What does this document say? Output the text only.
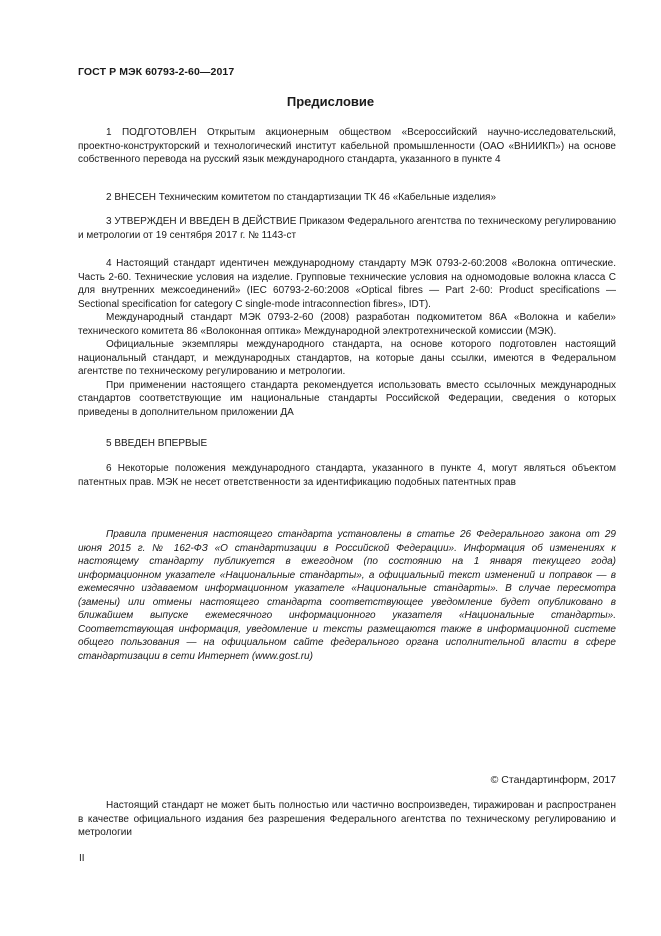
ГОСТ Р МЭК 60793-2-60—2017
Предисловие

1 ПОДГОТОВЛЕН Открытым акционерным обществом «Всероссийский научно-исследовательский, проектно-конструкторский и технологический институт кабельной промышленности (ОАО «ВНИИКП») на основе собственного перевода на русский язык международного стандарта, указанного в пункте 4

2 ВНЕСЕН Техническим комитетом по стандартизации ТК 46 «Кабельные изделия»

3 УТВЕРЖДЕН И ВВЕДЕН В ДЕЙСТВИЕ Приказом Федерального агентства по техническому регулированию и метрологии от 19 сентября 2017 г. № 1143-ст

4 Настоящий стандарт идентичен международному стандарту МЭК 0793-2-60:2008 «Волокна оптические. Часть 2-60. Технические условия на изделие. Групповые технические условия на одномодовые волокна класса С для внутренних межсоединений» (IEC 60793-2-60:2008 «Optical fibres — Part 2-60: Product specifications — Sectional specification for category C single-mode intraconnection fibres», IDT).

Международный стандарт МЭК 0793-2-60 (2008) разработан подкомитетом 86А «Волокна и кабели» технического комитета 86 «Волоконная оптика» Международной электротехнической комиссии (МЭК).

Официальные экземпляры международного стандарта, на основе которого подготовлен настоящий национальный стандарт, и международных стандартов, на которые даны ссылки, имеются в Федеральном агентстве по техническому регулированию и метрологии.

При применении настоящего стандарта рекомендуется использовать вместо ссылочных международных стандартов соответствующие им национальные стандарты Российской Федерации, сведения о которых приведены в дополнительном приложении ДА

5 ВВЕДЕН ВПЕРВЫЕ

6 Некоторые положения международного стандарта, указанного в пункте 4, могут являться объектом патентных прав. МЭК не несет ответственности за идентификацию подобных патентных прав

Правила применения настоящего стандарта установлены в статье 26 Федерального закона от 29 июня 2015 г. № 162-ФЗ «О стандартизации в Российской Федерации». Информация об изменениях к настоящему стандарту публикуется в ежегодном (по состоянию на 1 января текущего года) информационном указателе «Национальные стандарты», а официальный текст изменений и поправок — в ежемесячно издаваемом информационном указателе «Национальные стандарты». В случае пересмотра (замены) или отмены настоящего стандарта соответствующее уведомление будет опубликовано в ближайшем выпуске ежемесячного информационного указателя «Национальные стандарты». Соответствующая информация, уведомление и тексты размещаются также в информационной системе общего пользования — на официальном сайте федерального органа исполнительной власти в сфере стандартизации в сети Интернет (www.gost.ru)

© Стандартинформ, 2017

Настоящий стандарт не может быть полностью или частично воспроизведен, тиражирован и распространен в качестве официального издания без разрешения Федерального агентства по техническому регулированию и метрологии

II
